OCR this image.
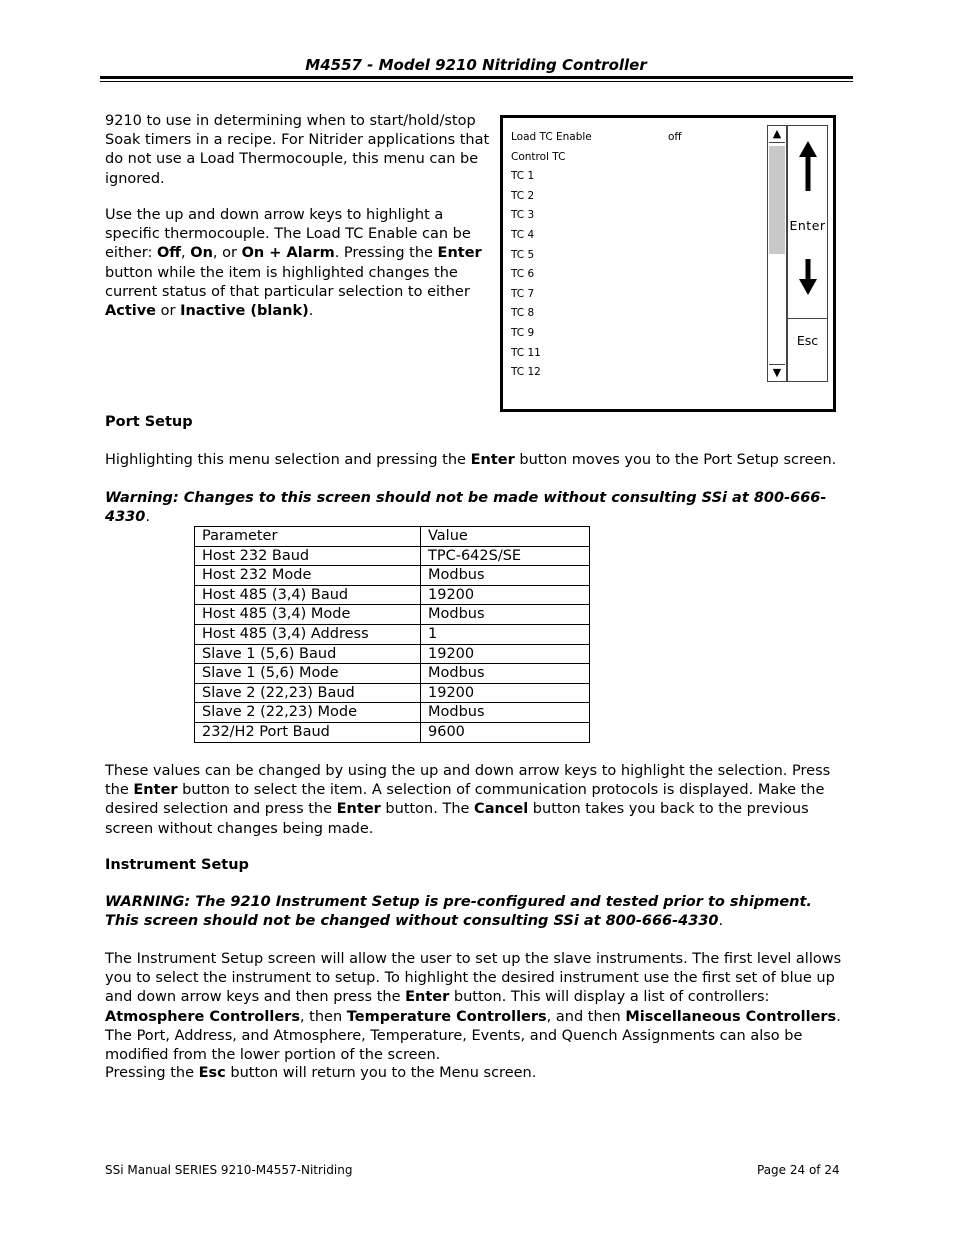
M4557 - Model 9210 Nitriding Controller

9210 to use in determining when to start/hold/stop Soak timers in a recipe. For Nitrider applications that do not use a Load Thermocouple, this menu can be ignored.

Use the up and down arrow keys to highlight a specific thermocouple. The Load TC Enable can be either: Off, On, or On + Alarm. Pressing the Enter button while the item is highlighted changes the current status of that particular selection to either Active or Inactive (blank).

Load TC Enable	off
Control TC
TC 1
TC 2
TC 3
TC 4
TC 5
TC 6
TC 7
TC 8
TC 9
TC 11
TC 12
▲
▼
Enter
Esc

Port Setup

Highlighting this menu selection and pressing the Enter button moves you to the Port Setup screen.

Warning: Changes to this screen should not be made without consulting SSi at 800-666-4330.

Parameter	Value
Host 232 Baud	TPC-642S/SE
Host 232 Mode	Modbus
Host 485 (3,4) Baud	19200
Host 485 (3,4) Mode	Modbus
Host 485 (3,4) Address	1
Slave 1 (5,6) Baud	19200
Slave 1 (5,6) Mode	Modbus
Slave 2 (22,23) Baud	19200
Slave 2 (22,23) Mode	Modbus
232/H2 Port Baud	9600

These values can be changed by using the up and down arrow keys to highlight the selection. Press the Enter button to select the item. A selection of communication protocols is displayed. Make the desired selection and press the Enter button. The Cancel button takes you back to the previous screen without changes being made.

Instrument Setup

WARNING: The 9210 Instrument Setup is pre-configured and tested prior to shipment. This screen should not be changed without consulting SSi at 800-666-4330.

The Instrument Setup screen will allow the user to set up the slave instruments. The first level allows you to select the instrument to setup. To highlight the desired instrument use the first set of blue up and down arrow keys and then press the Enter button. This will display a list of controllers: Atmosphere Controllers, then Temperature Controllers, and then Miscellaneous Controllers. The Port, Address, and Atmosphere, Temperature, Events, and Quench Assignments can also be modified from the lower portion of the screen.

Pressing the Esc button will return you to the Menu screen.

SSi Manual SERIES 9210-M4557-Nitriding	Page 24 of 24
